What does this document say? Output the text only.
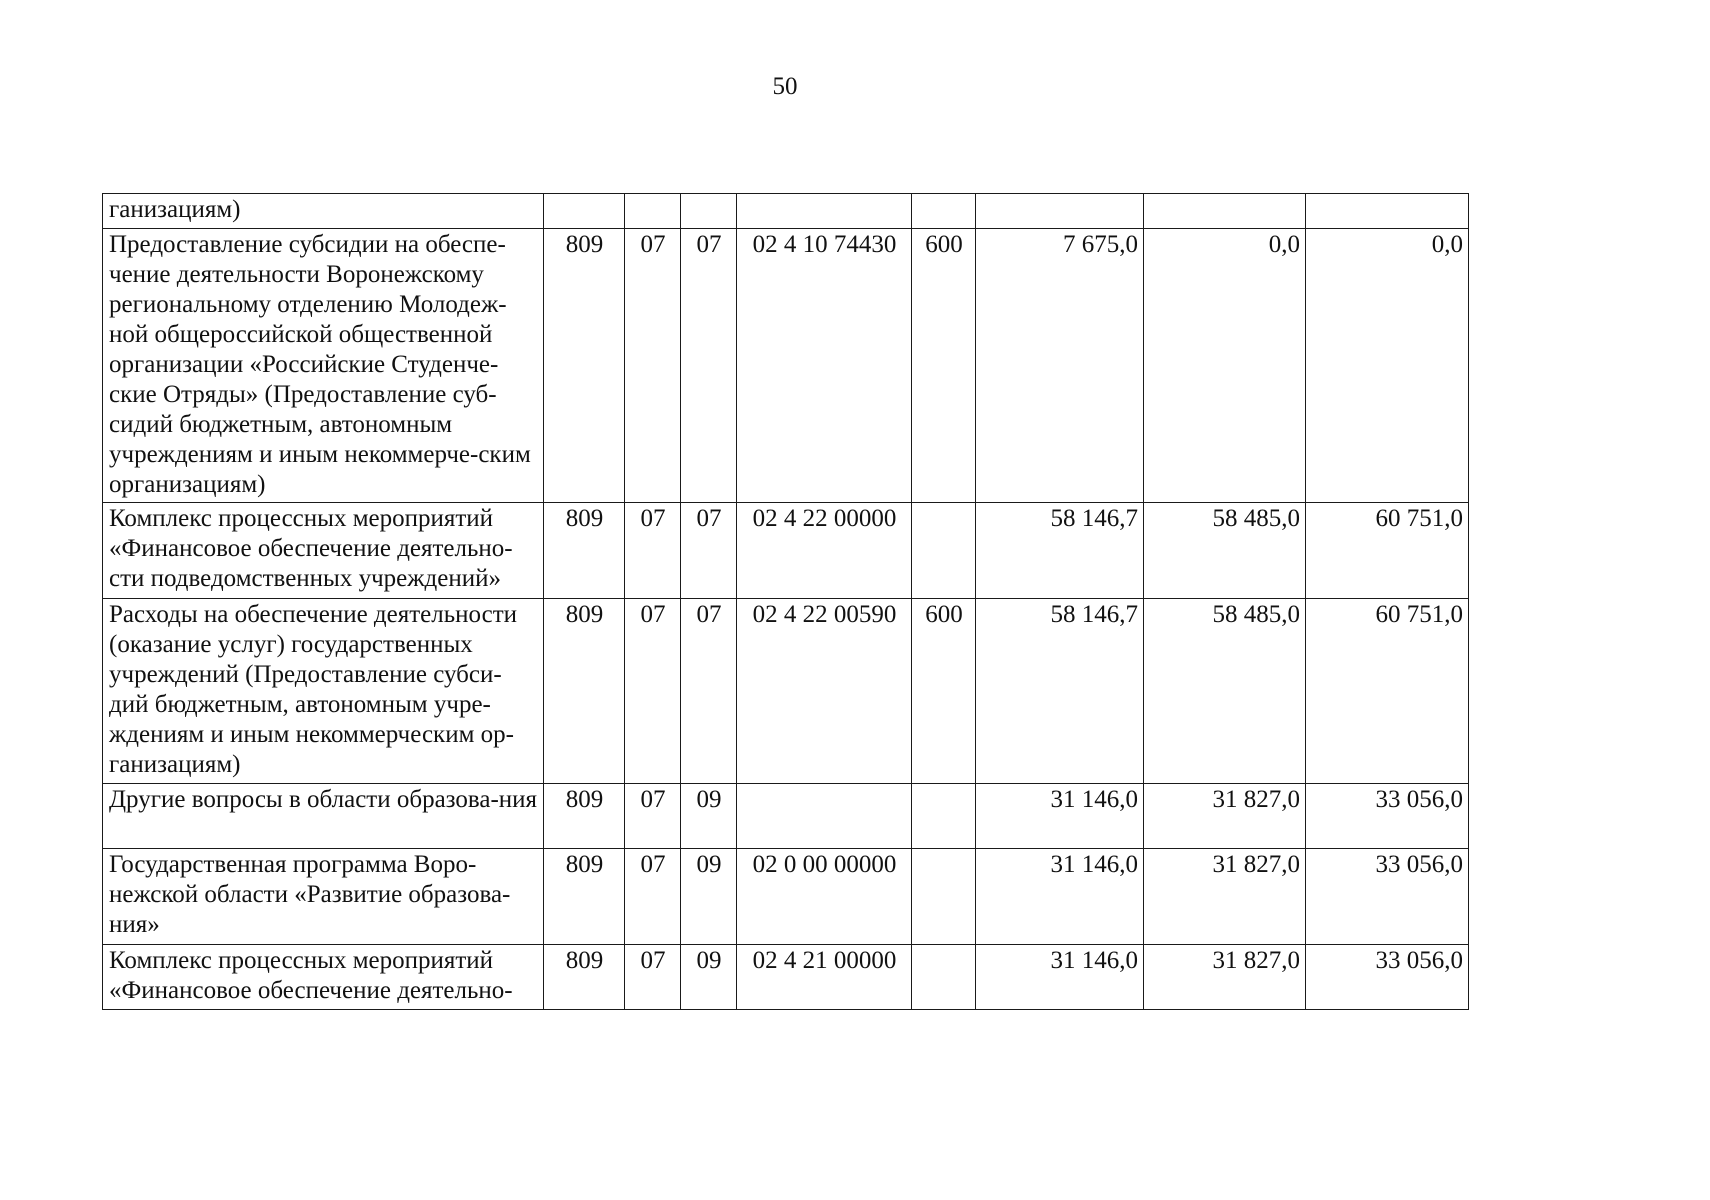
50
ганизациям)								
Предоставление субсидии на обеспе-чение деятельности Воронежскому региональному отделению Молодеж-ной общероссийской общественной организации «Российские Студенче-ские Отряды» (Предоставление суб-сидий бюджетным, автономным учреждениям и иным некоммерче-ским организациям)	809	07	07	02 4 10 74430	600	7 675,0	0,0	0,0
Комплекс процессных мероприятий «Финансовое обеспечение деятельно-сти подведомственных учреждений»	809	07	07	02 4 22 00000		58 146,7	58 485,0	60 751,0
Расходы на обеспечение деятельности (оказание услуг) государственных учреждений (Предоставление субси-дий бюджетным, автономным учре-ждениям и иным некоммерческим ор-ганизациям)	809	07	07	02 4 22 00590	600	58 146,7	58 485,0	60 751,0
Другие вопросы в области образова-ния	809	07	09			31 146,0	31 827,0	33 056,0
Государственная программа Воро-нежской области «Развитие образова-ния»	809	07	09	02 0 00 00000		31 146,0	31 827,0	33 056,0
Комплекс процессных мероприятий «Финансовое обеспечение деятельно-	809	07	09	02 4 21 00000		31 146,0	31 827,0	33 056,0
